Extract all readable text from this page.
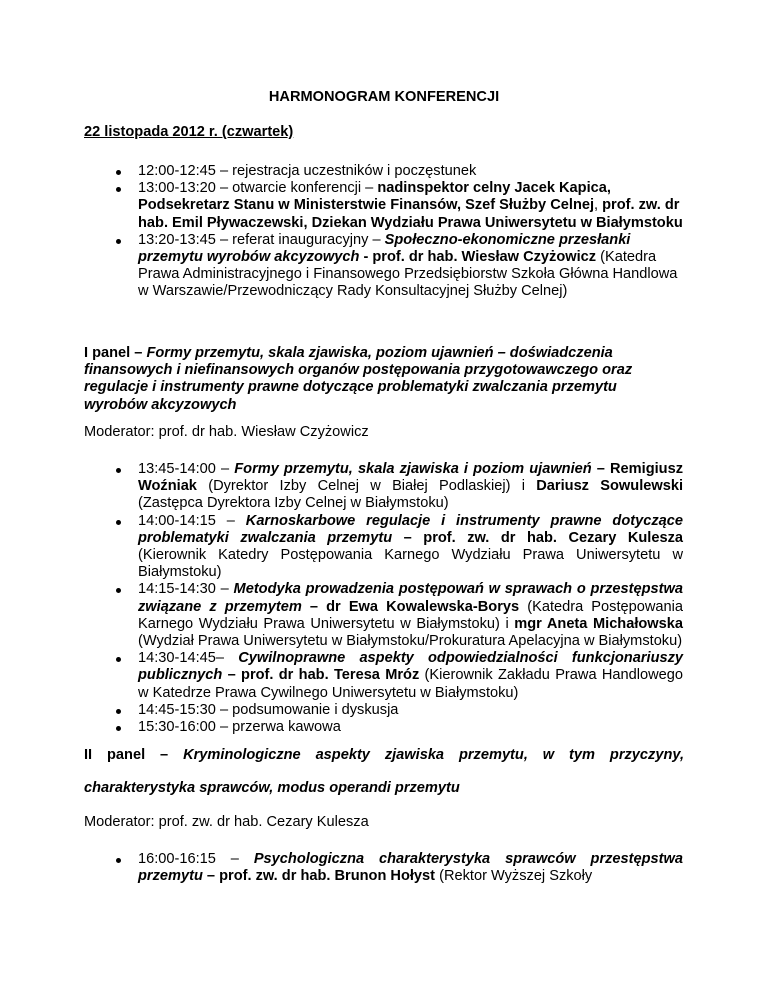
HARMONOGRAM KONFERENCJI
22 listopada 2012 r. (czwartek)
12:00-12:45 – rejestracja uczestników i poczęstunek
13:00-13:20 – otwarcie konferencji – nadinspektor celny Jacek Kapica, Podsekretarz Stanu w Ministerstwie Finansów, Szef Służby Celnej, prof. zw. dr hab. Emil Pływaczewski, Dziekan Wydziału Prawa Uniwersytetu w Białymstoku
13:20-13:45 – referat inauguracyjny – Społeczno-ekonomiczne przesłanki przemytu wyrobów akcyzowych - prof. dr hab. Wiesław Czyżowicz (Katedra Prawa Administracyjnego i Finansowego Przedsiębiorstw Szkoła Główna Handlowa w Warszawie/Przewodniczący Rady Konsultacyjnej Służby Celnej)
I panel – Formy przemytu, skala zjawiska, poziom ujawnień – doświadczenia finansowych i niefinansowych organów postępowania przygotowawczego oraz regulacje i instrumenty prawne dotyczące problematyki zwalczania przemytu wyrobów akcyzowych
Moderator: prof. dr hab. Wiesław Czyżowicz
13:45-14:00 – Formy przemytu, skala zjawiska i poziom ujawnień – Remigiusz Woźniak (Dyrektor Izby Celnej w Białej Podlaskiej) i Dariusz Sowulewski (Zastępca Dyrektora Izby Celnej w Białymstoku)
14:00-14:15 – Karnoskarbowe regulacje i instrumenty prawne dotyczące problematyki zwalczania przemytu – prof. zw. dr hab. Cezary Kulesza (Kierownik Katedry Postępowania Karnego Wydziału Prawa Uniwersytetu w Białymstoku)
14:15-14:30 – Metodyka prowadzenia postępowań w sprawach o przestępstwa związane z przemytem – dr Ewa Kowalewska-Borys (Katedra Postępowania Karnego Wydziału Prawa Uniwersytetu w Białymstoku) i mgr Aneta Michałowska (Wydział Prawa Uniwersytetu w Białymstoku/Prokuratura Apelacyjna w Białymstoku)
14:30-14:45– Cywilnoprawne aspekty odpowiedzialności funkcjonariuszy publicznych – prof. dr hab. Teresa Mróz (Kierownik Zakładu Prawa Handlowego w Katedrze Prawa Cywilnego Uniwersytetu w Białymstoku)
14:45-15:30 – podsumowanie i dyskusja
15:30-16:00 – przerwa kawowa
II panel – Kryminologiczne aspekty zjawiska przemytu, w tym przyczyny, charakterystyka sprawców, modus operandi przemytu
Moderator: prof. zw. dr hab. Cezary Kulesza
16:00-16:15 – Psychologiczna charakterystyka sprawców przestępstwa przemytu – prof. zw. dr hab. Brunon Hołyst (Rektor Wyższej Szkoły
